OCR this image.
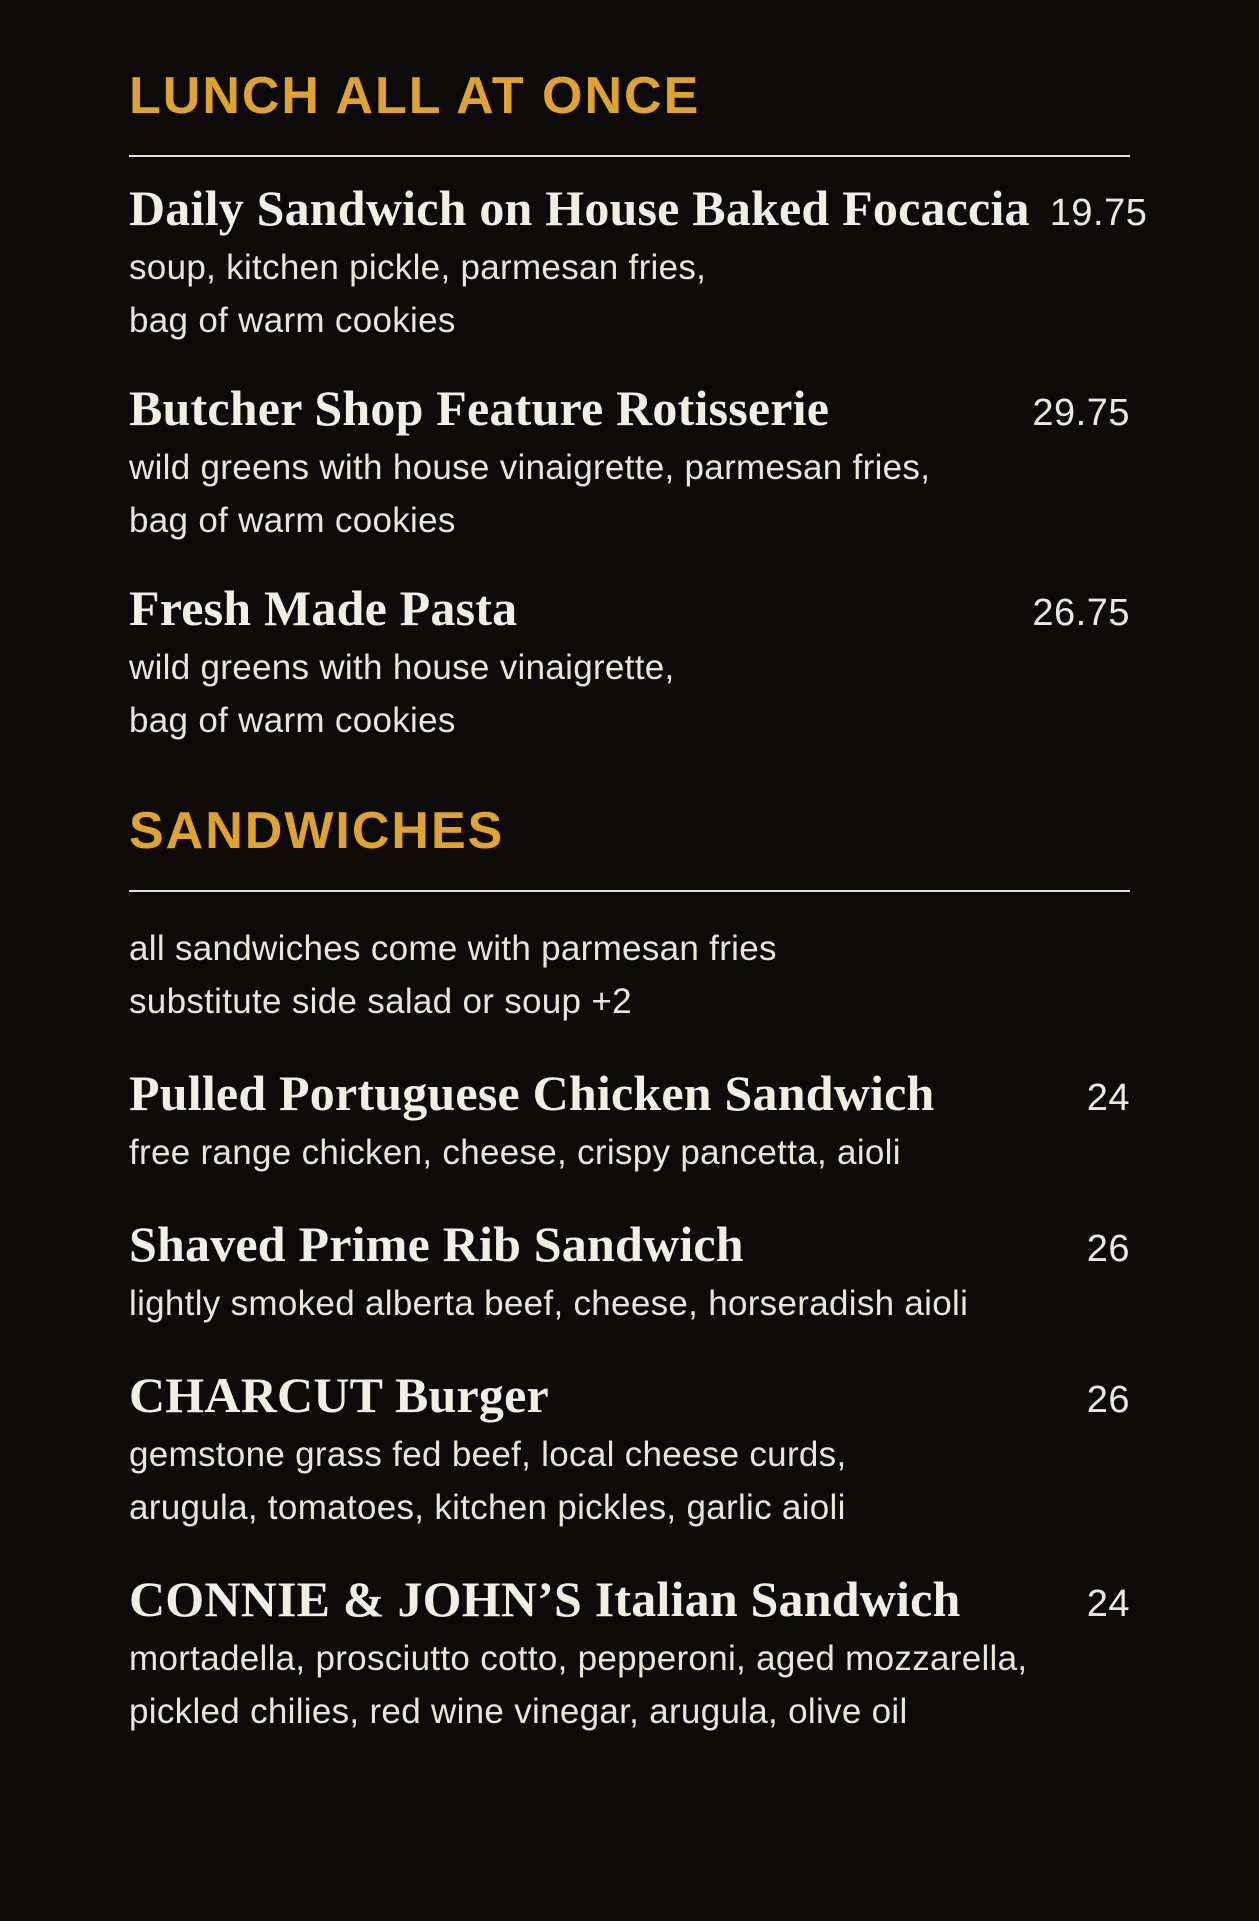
LUNCH ALL AT ONCE
Daily Sandwich on House Baked Focaccia 19.75

soup, kitchen pickle, parmesan fries,
bag of warm cookies

Butcher Shop Feature Rotisserie	29.75

wild greens with house vinaigrette, parmesan fries,
bag of warm cookies

Fresh Made Pasta	26.75

wild greens with house vinaigrette,
bag of warm cookies

SANDWICHES

all sandwiches come with parmesan fries
substitute side salad or soup +2

Pulled Portuguese Chicken Sandwich	24

free range chicken, cheese, crispy pancetta, aioli

Shaved Prime Rib Sandwich	26

lightly smoked alberta beef, cheese, horseradish aioli

CHARCUT Burger	26

gemstone grass fed beef, local cheese curds,
arugula, tomatoes, kitchen pickles, garlic aioli

CONNIE & JOHN’S Italian Sandwich	24

mortadella, prosciutto cotto, pepperoni, aged mozzarella,
pickled chilies, red wine vinegar, arugula, olive oil
